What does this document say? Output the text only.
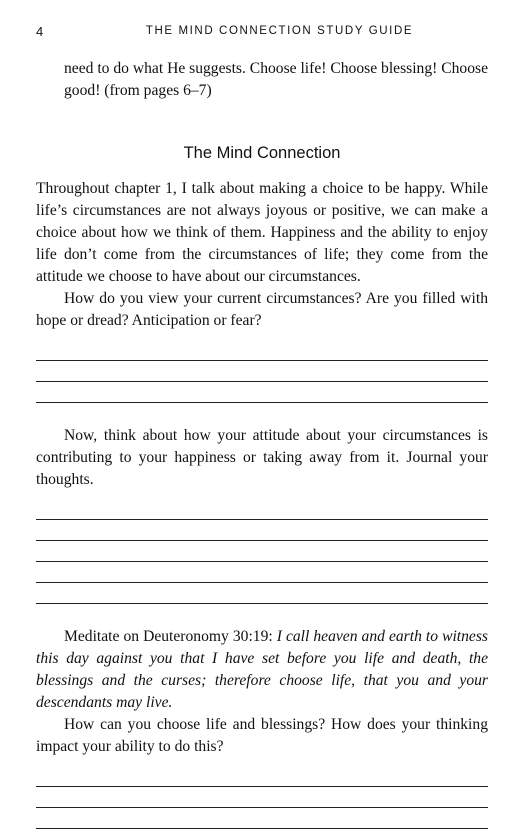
4	THE MIND CONNECTION STUDY GUIDE

need to do what He suggests. Choose life! Choose blessing! Choose good! (from pages 6–7)

The Mind Connection

Throughout chapter 1, I talk about making a choice to be happy. While life’s circumstances are not always joyous or positive, we can make a choice about how we think of them. Happiness and the ability to enjoy life don’t come from the circumstances of life; they come from the attitude we choose to have about our circumstances.

How do you view your current circumstances? Are you filled with hope or dread? Anticipation or fear?

Now, think about how your attitude about your circumstances is contributing to your happiness or taking away from it. Journal your thoughts.

Meditate on Deuteronomy 30:19: I call heaven and earth to witness this day against you that I have set before you life and death, the blessings and the curses; therefore choose life, that you and your descendants may live.

How can you choose life and blessings? How does your thinking impact your ability to do this?
